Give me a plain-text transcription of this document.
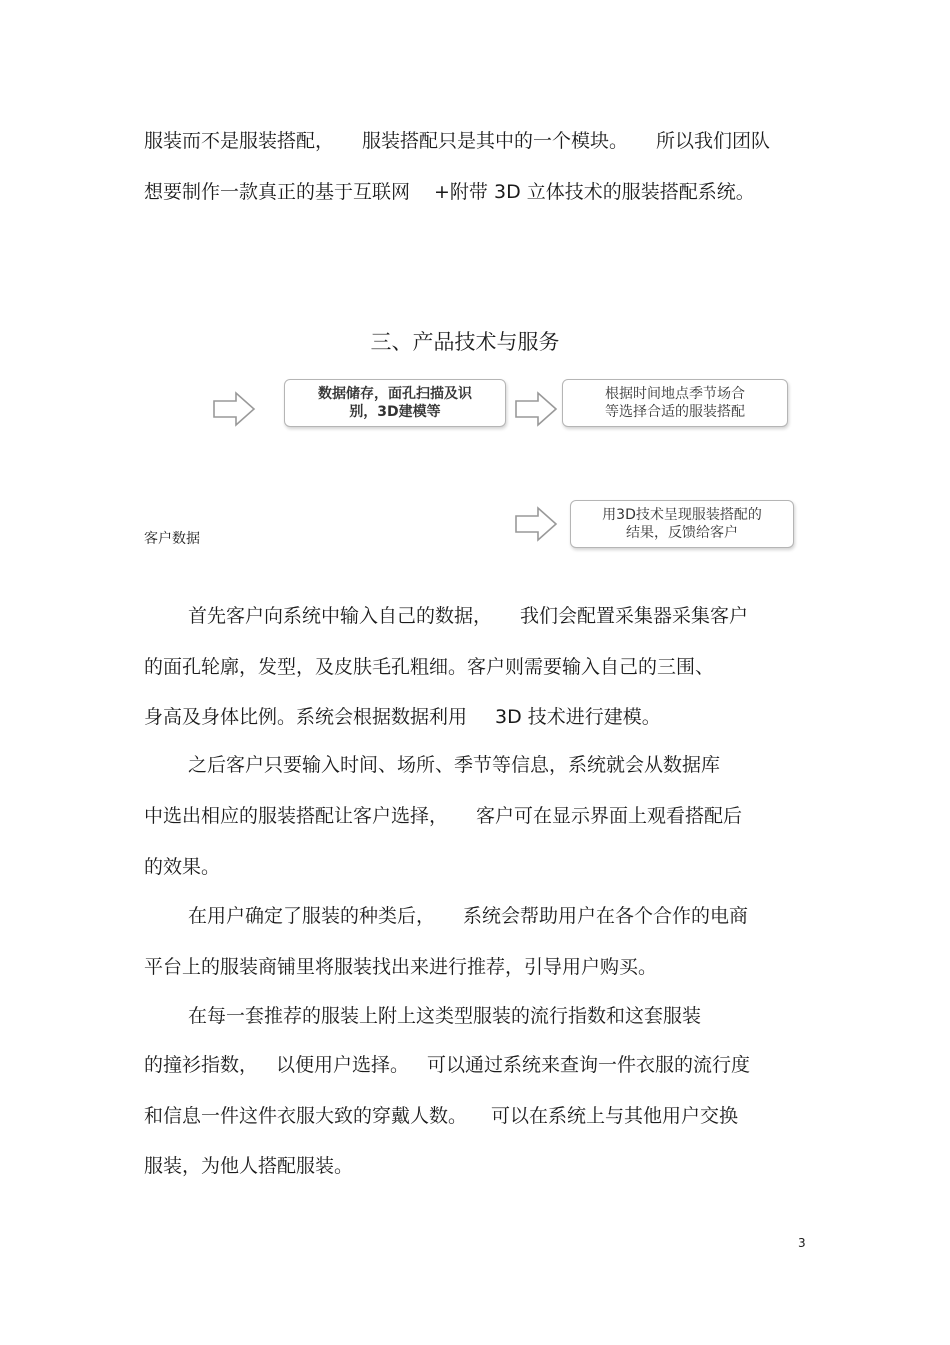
服装而不是服装搭配， 服装搭配只是其中的一个模块。 所以我们团队
想要制作一款真正的基于互联网 +附带 3D 立体技术的服装搭配系统。
三、产品技术与服务
数据储存，面孔扫描及识
别，3D建模等
根据时间地点季节场合
等选择合适的服装搭配
用3D技术呈现服装搭配的
结果，反馈给客户
客户数据
首先客户向系统中输入自己的数据， 我们会配置采集器采集客户
的面孔轮廓，发型，及皮肤毛孔粗细。客户则需要输入自己的三围、
身高及身体比例。系统会根据数据利用 3D 技术进行建模。
之后客户只要输入时间、场所、季节等信息，系统就会从数据库
中选出相应的服装搭配让客户选择， 客户可在显示界面上观看搭配后
的效果。
在用户确定了服装的种类后， 系统会帮助用户在各个合作的电商
平台上的服装商铺里将服装找出来进行推荐，引导用户购买。
在每一套推荐的服装上附上这类型服装的流行指数和这套服装
的撞衫指数， 以便用户选择。 可以通过系统来查询一件衣服的流行度
和信息一件这件衣服大致的穿戴人数。 可以在系统上与其他用户交换
服装，为他人搭配服装。
3
